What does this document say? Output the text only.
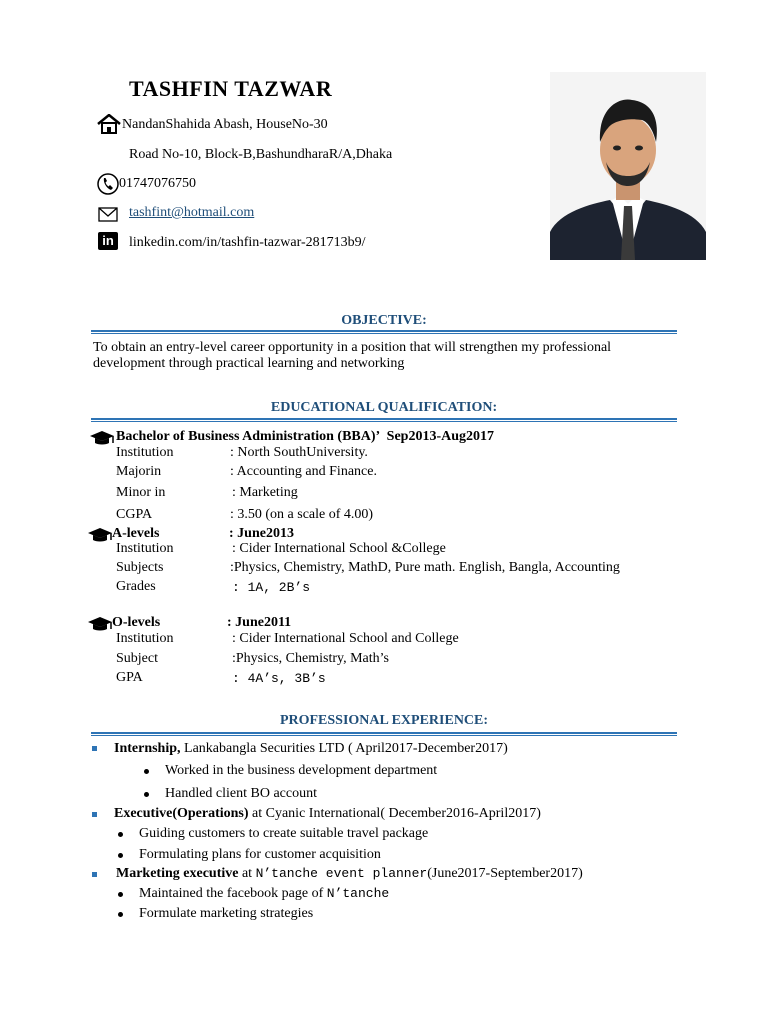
TASHFIN TAZWAR
NandanShahida Abash, HouseNo-30
Road No-10, Block-B,BashundharaR/A,Dhaka
01747076750
tashfint@hotmail.com
in	linkedin.com/in/tashfin-tazwar-281713b9/
OBJECTIVE:
To obtain an entry-level career opportunity in a position that will strengthen my professional
development through practical learning and networking
EDUCATIONAL QUALIFICATION:
Bachelor of Business Administration (BBA)’ Sep2013-Aug2017
Institution	: North SouthUniversity.
Majorin	: Accounting and Finance.
Minor in	: Marketing
CGPA	: 3.50 (on a scale of 4.00)
A-levels	: June2013
Institution	: Cider International School &College
Subjects	:Physics, Chemistry, MathD, Pure math. English, Bangla, Accounting
Grades	: 1A, 2B’s
O-levels	: June2011
Institution	: Cider International School and College
Subject	:Physics, Chemistry, Math’s
GPA	: 4A’s, 3B’s
PROFESSIONAL EXPERIENCE:
Internship, Lankabangla Securities LTD ( April2017-December2017)
Worked in the business development department
Handled client BO account
Executive(Operations) at Cyanic International( December2016-April2017)
Guiding customers to create suitable travel package
Formulating plans for customer acquisition
Marketing executive at N’tanche event planner(June2017-September2017)
Maintained the facebook page of N’tanche
Formulate marketing strategies
